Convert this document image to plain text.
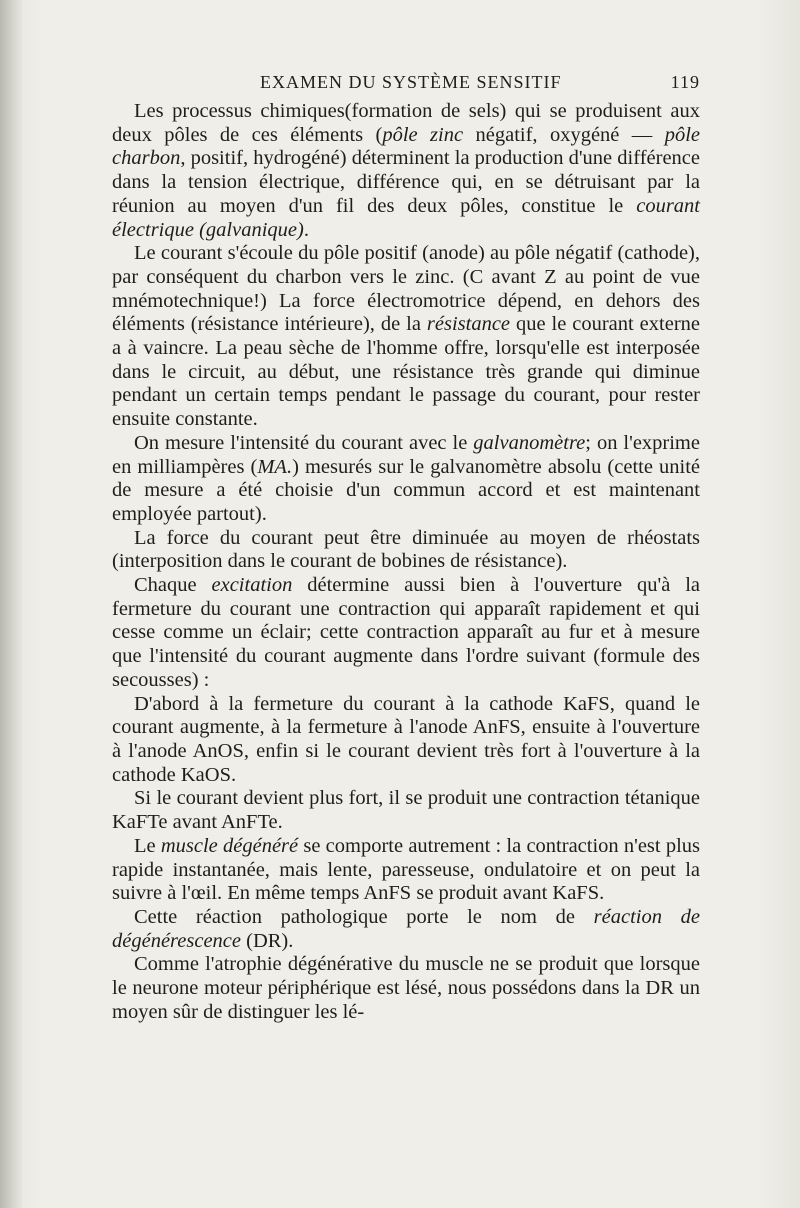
EXAMEN DU SYSTÈME SENSITIF	119

Les processus chimiques(formation de sels) qui se produisent aux deux pôles de ces éléments (pôle zinc négatif, oxygéné — pôle charbon, positif, hydrogéné) déterminent la production d'une différence dans la tension électrique, différence qui, en se détruisant par la réunion au moyen d'un fil des deux pôles, constitue le courant électrique (galvanique).

Le courant s'écoule du pôle positif (anode) au pôle négatif (cathode), par conséquent du charbon vers le zinc. (C avant Z au point de vue mnémotechnique!) La force électromotrice dépend, en dehors des éléments (résistance intérieure), de la résistance que le courant externe a à vaincre. La peau sèche de l'homme offre, lorsqu'elle est interposée dans le circuit, au début, une résistance très grande qui diminue pendant un certain temps pendant le passage du courant, pour rester ensuite constante.

On mesure l'intensité du courant avec le galvanomètre; on l'exprime en milliampères (MA.) mesurés sur le galvanomètre absolu (cette unité de mesure a été choisie d'un commun accord et est maintenant employée partout).

La force du courant peut être diminuée au moyen de rhéostats (interposition dans le courant de bobines de résistance).

Chaque excitation détermine aussi bien à l'ouverture qu'à la fermeture du courant une contraction qui apparaît rapidement et qui cesse comme un éclair; cette contraction apparaît au fur et à mesure que l'intensité du courant augmente dans l'ordre suivant (formule des secousses) :

D'abord à la fermeture du courant à la cathode KaFS, quand le courant augmente, à la fermeture à l'anode AnFS, ensuite à l'ouverture à l'anode AnOS, enfin si le courant devient très fort à l'ouverture à la cathode KaOS.

Si le courant devient plus fort, il se produit une contraction tétanique KaFTe avant AnFTe.

Le muscle dégénéré se comporte autrement : la contraction n'est plus rapide instantanée, mais lente, paresseuse, ondulatoire et on peut la suivre à l'œil. En même temps AnFS se produit avant KaFS.

Cette réaction pathologique porte le nom de réaction de dégénérescence (DR).

Comme l'atrophie dégénérative du muscle ne se produit que lorsque le neurone moteur périphérique est lésé, nous possédons dans la DR un moyen sûr de distinguer les lé-
